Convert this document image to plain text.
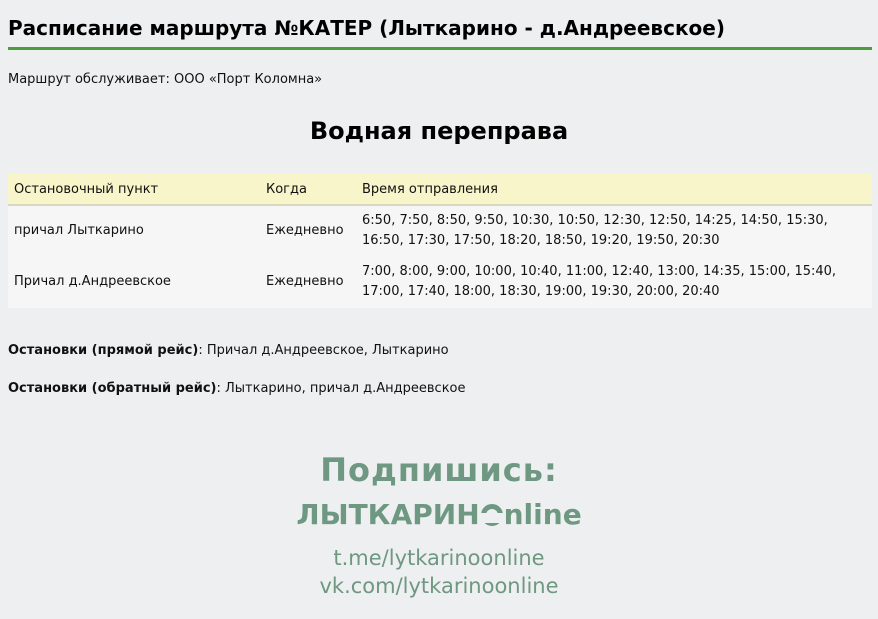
Расписание маршрута №КАТЕР (Лыткарино - д.Андреевское)
Маршрут обслуживает: ООО «Порт Коломна»
Водная переправа
Остановочный пункт	Когда	Время отправления
причал Лыткарино	Ежедневно	6:50, 7:50, 8:50, 9:50, 10:30, 10:50, 12:30, 12:50, 14:25, 14:50, 15:30, 16:50, 17:30, 17:50, 18:20, 18:50, 19:20, 19:50, 20:30
Причал д.Андреевское	Ежедневно	7:00, 8:00, 9:00, 10:00, 10:40, 11:00, 12:40, 13:00, 14:35, 15:00, 15:40, 17:00, 17:40, 18:00, 18:30, 19:00, 19:30, 20:00, 20:40
Остановки (прямой рейс): Причал д.Андреевское, Лыткарино
Остановки (обратный рейс): Лыткарино, причал д.Андреевское
Подпишись:
ЛЫТКАРИН nline
t.me/lytkarinoonline
vk.com/lytkarinoonline
